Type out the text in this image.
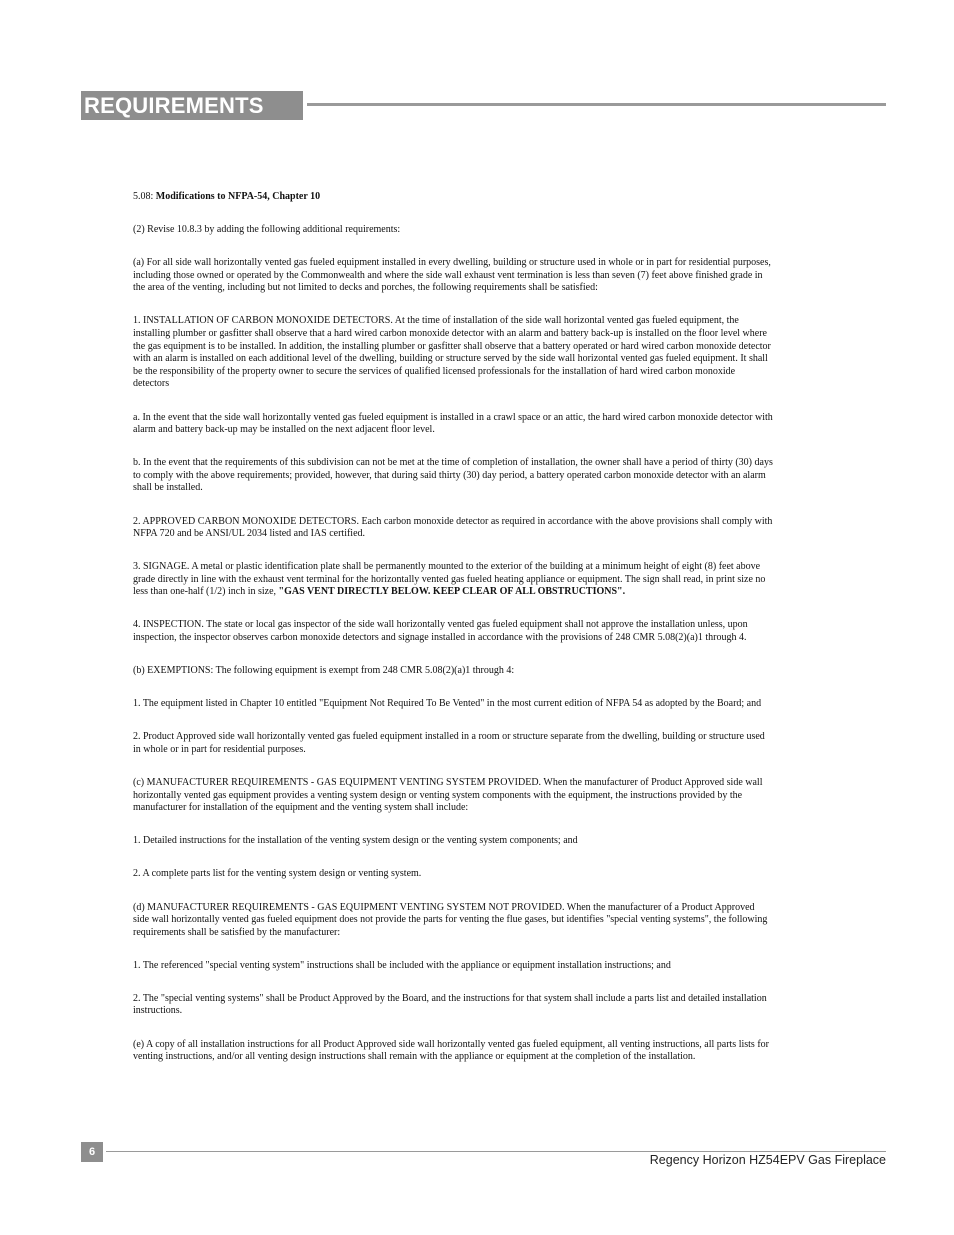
REQUIREMENTS

5.08: Modifications to NFPA-54, Chapter 10

(2) Revise 10.8.3 by adding the following additional requirements:

(a) For all side wall horizontally vented gas fueled equipment installed in every dwelling, building or structure used in whole or in part for residential purposes, including those owned or operated by the Commonwealth and where the side wall exhaust vent termination is less than seven (7) feet above finished grade in the area of the venting, including but not limited to decks and porches, the following requirements shall be satisfied:

1. INSTALLATION OF CARBON MONOXIDE DETECTORS. At the time of installation of the side wall horizontal vented gas fueled equipment, the installing plumber or gasfitter shall observe that a hard wired carbon monoxide detector with an alarm and battery back-up is installed on the floor level where the gas equipment is to be installed. In addition, the installing plumber or gasfitter shall observe that a battery operated or hard wired carbon monoxide detector with an alarm is installed on each additional level of the dwelling, building or structure served by the side wall horizontal vented gas fueled equipment. It shall be the responsibility of the property owner to secure the services of qualified licensed professionals for the installation of hard wired carbon monoxide detectors

a. In the event that the side wall horizontally vented gas fueled equipment is installed in a crawl space or an attic, the hard wired carbon monoxide detector with alarm and battery back-up may be installed on the next adjacent floor level.

b. In the event that the requirements of this subdivision can not be met at the time of completion of installation, the owner shall have a period of thirty (30) days to comply with the above requirements; provided, however, that during said thirty (30) day period, a battery operated carbon monoxide detector with an alarm shall be installed.

2. APPROVED CARBON MONOXIDE DETECTORS. Each carbon monoxide detector as required in accordance with the above provisions shall comply with NFPA 720 and be ANSI/UL 2034 listed and IAS certified.

3. SIGNAGE. A metal or plastic identification plate shall be permanently mounted to the exterior of the building at a minimum height of eight (8) feet above grade directly in line with the exhaust vent terminal for the horizontally vented gas fueled heating appliance or equipment. The sign shall read, in print size no less than one-half (1/2) inch in size, "GAS VENT DIRECTLY BELOW. KEEP CLEAR OF ALL OBSTRUCTIONS".

4. INSPECTION. The state or local gas inspector of the side wall horizontally vented gas fueled equipment shall not approve the installation unless, upon inspection, the inspector observes carbon monoxide detectors and signage installed in accordance with the provisions of 248 CMR 5.08(2)(a)1 through 4.

(b) EXEMPTIONS: The following equipment is exempt from 248 CMR 5.08(2)(a)1 through 4:

1. The equipment listed in Chapter 10 entitled "Equipment Not Required To Be Vented" in the most current edition of NFPA 54 as adopted by the Board; and

2. Product Approved side wall horizontally vented gas fueled equipment installed in a room or structure separate from the dwelling, building or structure used in whole or in part for residential purposes.

(c) MANUFACTURER REQUIREMENTS - GAS EQUIPMENT VENTING SYSTEM PROVIDED. When the manufacturer of Product Approved side wall horizontally vented gas equipment provides a venting system design or venting system components with the equipment, the instructions provided by the manufacturer for installation of the equipment and the venting system shall include:

1. Detailed instructions for the installation of the venting system design or the venting system components; and

2. A complete parts list for the venting system design or venting system.

(d) MANUFACTURER REQUIREMENTS - GAS EQUIPMENT VENTING SYSTEM NOT PROVIDED. When the manufacturer of a Product Approved side wall horizontally vented gas fueled equipment does not provide the parts for venting the flue gases, but identifies "special venting systems", the following requirements shall be satisfied by the manufacturer:

1. The referenced "special venting system" instructions shall be included with the appliance or equipment installation instructions; and

2. The "special venting systems" shall be Product Approved by the Board, and the instructions for that system shall include a parts list and detailed installation instructions.

(e) A copy of all installation instructions for all Product Approved side wall horizontally vented gas fueled equipment, all venting instructions, all parts lists for venting instructions, and/or all venting design instructions shall remain with the appliance or equipment at the completion of the installation.

6
Regency Horizon HZ54EPV Gas Fireplace
